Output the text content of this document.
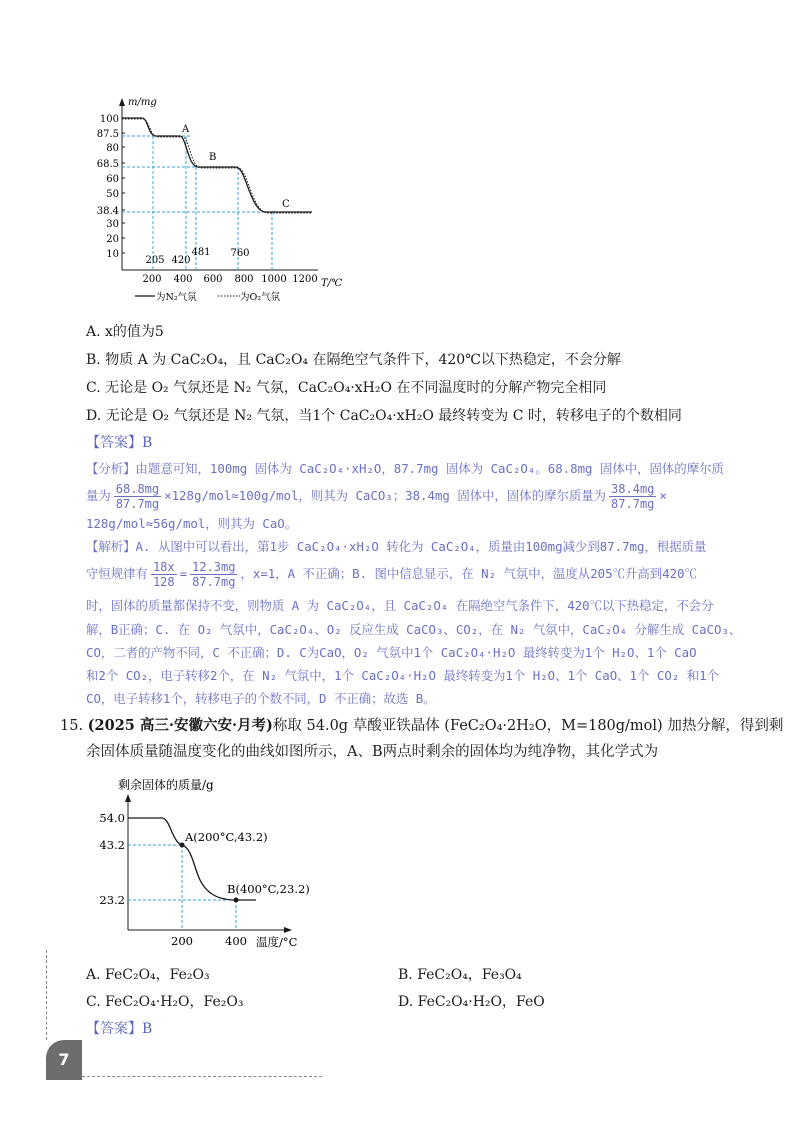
m/mg
T/℃
100
87.5
80
68.5
60
50
38.4
30
20
10
200 400 600 800 1000 1200
205 420
481 760
A
B
C
为N₂气氛	为O₂气氛
A. x的值为5
B. 物质 A 为 CaC₂O₄，且 CaC₂O₄ 在隔绝空气条件下，420℃以下热稳定，不会分解
C. 无论是 O₂ 气氛还是 N₂ 气氛，CaC₂O₄·xH₂O 在不同温度时的分解产物完全相同
D. 无论是 O₂ 气氛还是 N₂ 气氛，当1个 CaC₂O₄·xH₂O 最终转变为 C 时，转移电子的个数相同
【答案】B
【分析】由题意可知，100mg 固体为 CaC₂O₄·xH₂O，87.7mg 固体为 CaC₂O₄。68.8mg 固体中，固体的摩尔质
量为 $\frac{68.8mg}{87.7mg} \times 128g/mol\approx 100g/mol$，则其为 CaCO₃；38.4mg 固体中，固体的摩尔质量为 $\frac{38.4mg}{87.7mg}$ ×
128g/mol≈56g/mol，则其为 CaO。
【解析】A. 从图中可以看出，第1步 CaC₂O₄·xH₂O 转化为 CaC₂O₄，质量由100mg减少到87.7mg，根据质量
守恒规律有 $\frac{18x}{128} = \frac{12.3mg}{87.7mg}$ ，x=1，A 不正确；B. 图中信息显示，在 N₂ 气氛中，温度从205℃升高到420℃
时，固体的质量都保持不变，则物质 A 为 CaC₂O₄，且 CaC₂O₄ 在隔绝空气条件下，420℃以下热稳定，不会分
解，B正确；C. 在 O₂ 气氛中，CaC₂O₄、O₂ 反应生成 CaCO₃、CO₂，在 N₂ 气氛中，CaC₂O₄ 分解生成 CaCO₃、
CO，二者的产物不同，C 不正确；D. C为CaO，O₂ 气氛中1个 CaC₂O₄·H₂O 最终转变为1个 H₂O、1个 CaO
和2个 CO₂，电子转移2个，在 N₂ 气氛中，1个 CaC₂O₄·H₂O 最终转变为1个 H₂O、1个 CaO、1个 CO₂ 和1个
CO，电子转移1个，转移电子的个数不同，D 不正确；故选 B。
15. (2025 高三·安徽六安·月考)称取 54.0g 草酸亚铁晶体 (FeC₂O₄·2H₂O，M=180g/mol) 加热分解，得到剩
余固体质量随温度变化的曲线如图所示，A、B两点时剩余的固体均为纯净物，其化学式为
剩余固体的质量/g
温度/°C
54.0
43.2
23.2
200	400
A(200°C,43.2)
B(400°C,23.2)
A. FeC₂O₄，Fe₂O₃	B. FeC₂O₄，Fe₃O₄
C. FeC₂O₄·H₂O，Fe₂O₃	D. FeC₂O₄·H₂O，FeO
【答案】B
7
